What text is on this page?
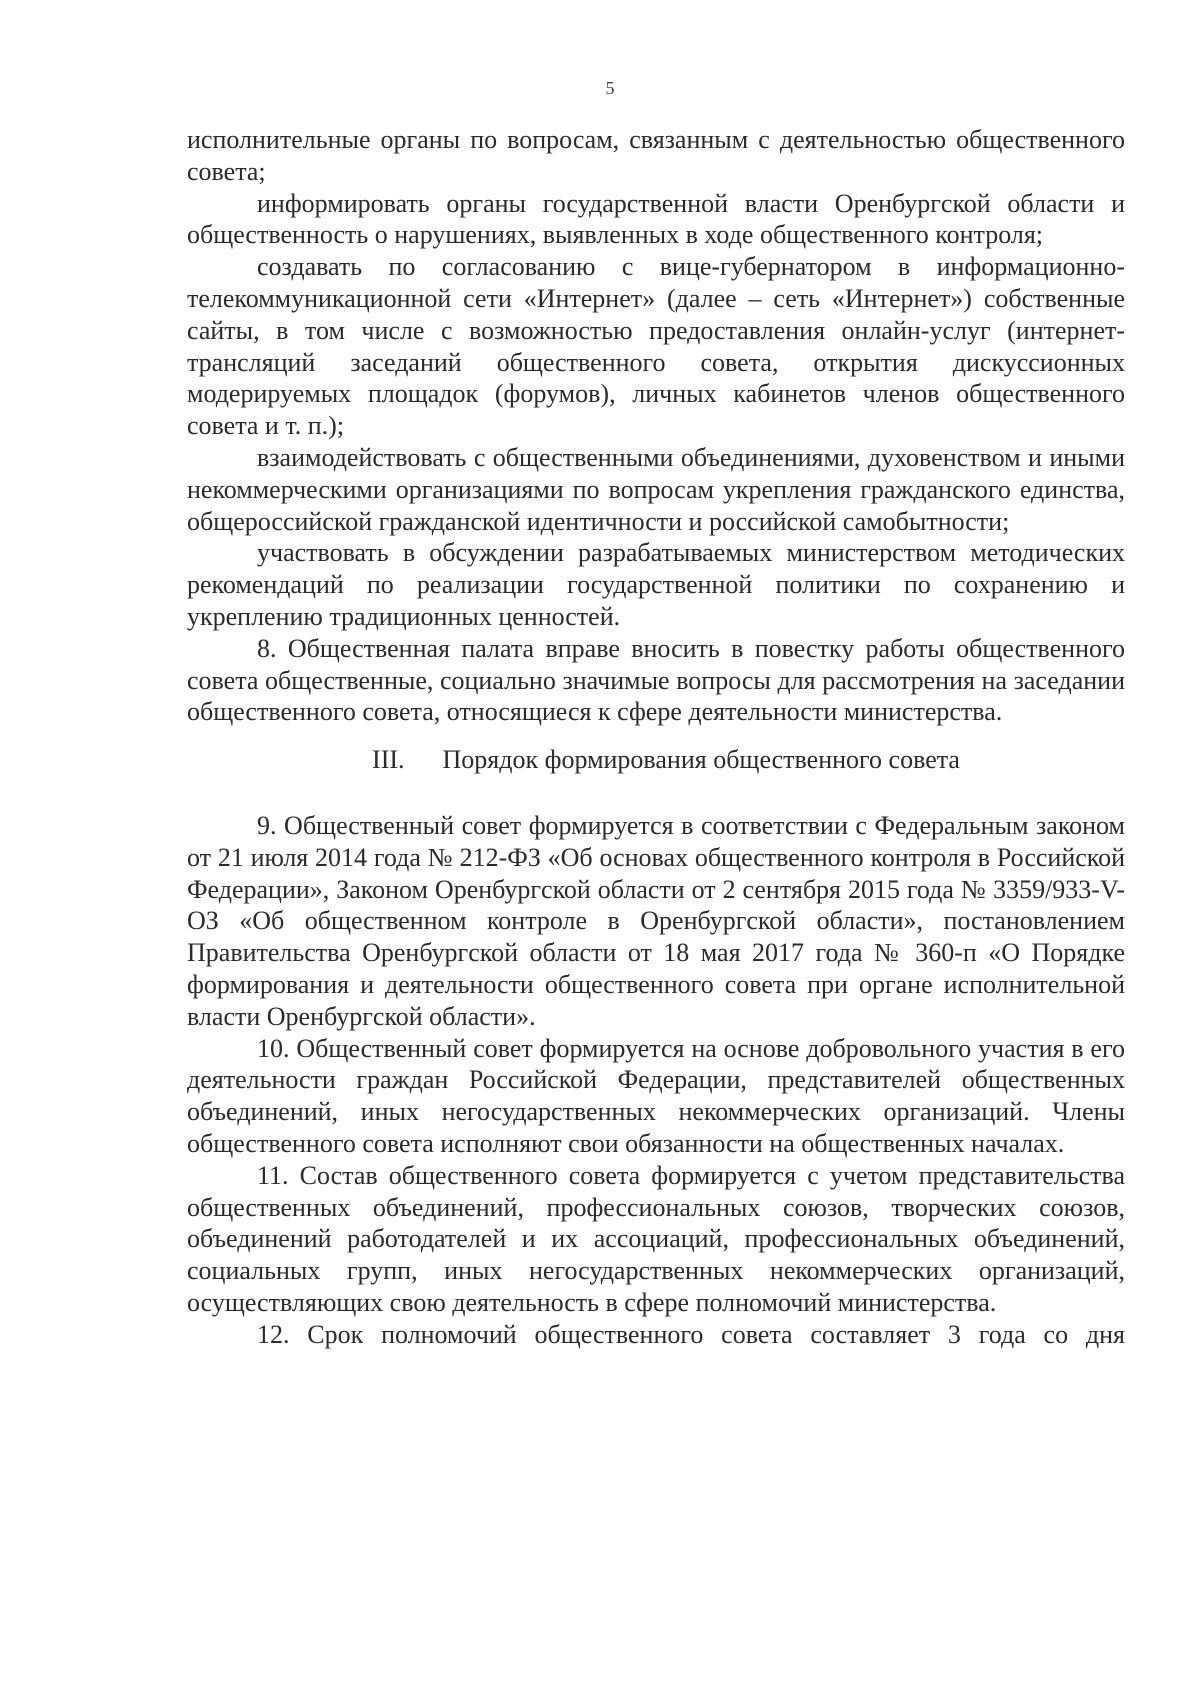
5

исполнительные органы по вопросам, связанным с деятельностью общественного совета;

информировать органы государственной власти Оренбургской области и общественность о нарушениях, выявленных в ходе общественного контроля;

создавать по согласованию с вице-губернатором в информационно-телекоммуникационной сети «Интернет» (далее – сеть «Интернет») собственные сайты, в том числе с возможностью предоставления онлайн-услуг (интернет-трансляций заседаний общественного совета, открытия дискуссионных модерируемых площадок (форумов), личных кабинетов членов общественного совета и т. п.);

взаимодействовать с общественными объединениями, духовенством и иными некоммерческими организациями по вопросам укрепления гражданского единства, общероссийской гражданской идентичности и российской самобытности;

участвовать в обсуждении разрабатываемых министерством методических рекомендаций по реализации государственной политики по сохранению и укреплению традиционных ценностей.

8. Общественная палата вправе вносить в повестку работы общественного совета общественные, социально значимые вопросы для рассмотрения на заседании общественного совета, относящиеся к сфере деятельности министерства.

III. Порядок формирования общественного совета

9. Общественный совет формируется в соответствии с Федеральным законом от 21 июля 2014 года № 212-ФЗ «Об основах общественного контроля в Российской Федерации», Законом Оренбургской области от 2 сентября 2015 года № 3359/933-V-ОЗ «Об общественном контроле в Оренбургской области», постановлением Правительства Оренбургской области от 18 мая 2017 года № 360-п «О Порядке формирования и деятельности общественного совета при органе исполнительной власти Оренбургской области».

10. Общественный совет формируется на основе добровольного участия в его деятельности граждан Российской Федерации, представителей общественных объединений, иных негосударственных некоммерческих организаций. Члены общественного совета исполняют свои обязанности на общественных началах.

11. Состав общественного совета формируется с учетом представительства общественных объединений, профессиональных союзов, творческих союзов, объединений работодателей и их ассоциаций, профессиональных объединений, социальных групп, иных негосударственных некоммерческих организаций, осуществляющих свою деятельность в сфере полномочий министерства.

12. Срок полномочий общественного совета составляет 3 года со дня
